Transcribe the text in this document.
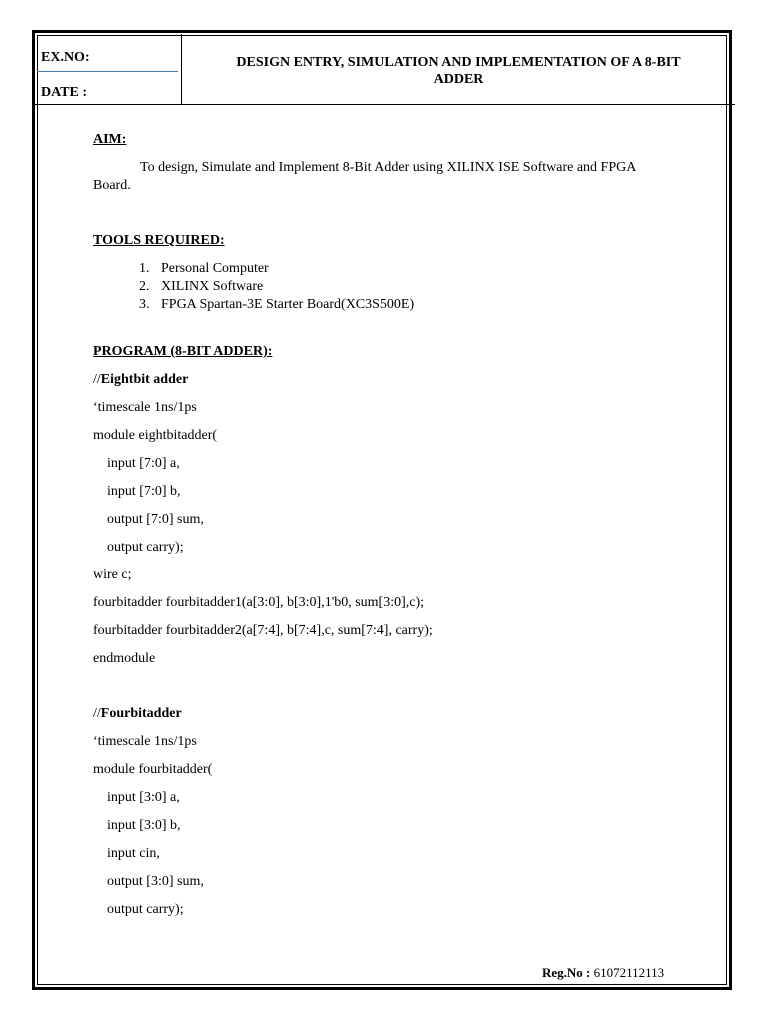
EX.NO:
DATE :
DESIGN ENTRY, SIMULATION AND IMPLEMENTATION OF A 8-BIT
ADDER
AIM:
To design, Simulate and Implement 8-Bit Adder using XILINX ISE Software and FPGA Board.
TOOLS REQUIRED:
1. Personal Computer
2. XILINX Software
3. FPGA Spartan-3E Starter Board(XC3S500E)
PROGRAM (8-BIT ADDER):
//Eightbit adder
‘timescale 1ns/1ps
module eightbitadder(
input [7:0] a,
input [7:0] b,
output [7:0] sum,
output carry);
wire c;
fourbitadder fourbitadder1(a[3:0], b[3:0],1'b0, sum[3:0],c);
fourbitadder fourbitadder2(a[7:4], b[7:4],c, sum[7:4], carry);
endmodule
//Fourbitadder
‘timescale 1ns/1ps
module fourbitadder(
input [3:0] a,
input [3:0] b,
input cin,
output [3:0] sum,
output carry);
Reg.No : 61072112113
